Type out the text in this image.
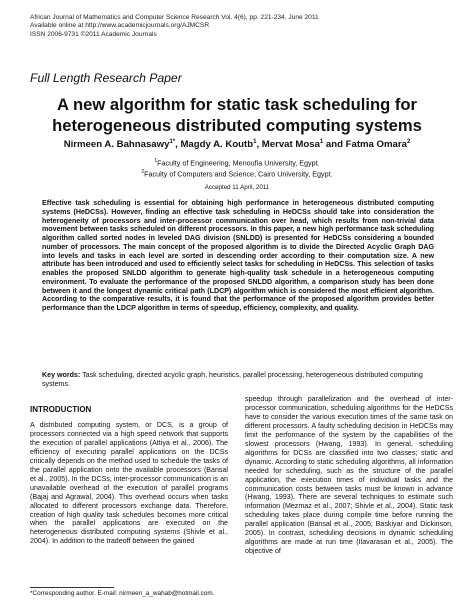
African Journal of Mathematics and Computer Science Research Vol. 4(6), pp. 221-234, June 2011
Available online at http://www.academicjournals.org/AJMCSR
ISSN 2006-9731 ©2011 Academic Journals
Full Length Research Paper
A new algorithm for static task scheduling for
heterogeneous distributed computing systems
Nirmeen A. Bahnasawy$^{1*}$, Magdy A. Koutb$^1$, Mervat Mosa$^1$ and Fatma Omara$^2$
$^1$Faculty of Engineering, Menoufia University, Egypt.
$^2$Faculty of Computers and Science, Cairo University, Egypt.
Accepted 11 April, 2011
Effective task scheduling is essential for obtaining high performance in heterogeneous distributed computing systems (HeDCSs). However, finding an effective task scheduling in HeDCSs should take into consideration the heterogeneity of processors and inter-processor communication over head, which results from non-trivial data movement between tasks scheduled on different processors. In this paper, a new high performance task scheduling algorithm called sorted nodes in leveled DAG division (SNLDD) is presented for HeDCSs considering a bounded number of processors. The main concept of the proposed algorithm is to divide the Directed Acyclic Graph DAG into levels and tasks in each level are sorted in descending order according to their computation size. A new attribute has been introduced and used to efficiently select tasks for scheduling in HeDCSs. This selection of tasks enables the proposed SNLDD algorithm to generate high-quality task schedule in a heterogeneous computing environment. To evaluate the performance of the proposed SNLDD algorithm, a comparison study has been done between it and the longest dynamic critical path (LDCP) algorithm which is considered the most efficient algorithm. According to the comparative results, it is found that the performance of the proposed algorithm provides better performance than the LDCP algorithm in terms of speedup, efficiency, complexity, and quality.
Key words: Task scheduling, directed acyclic graph, heuristics, parallel processing, heterogeneous distributed computing systems.
INTRODUCTION
A distributed computing system, or DCS, is a group of processors connected via a high speed network that supports the execution of parallel applications (Attiya et al., 2006). The efficiency of executing parallel applications on the DCSs critically depends on the method used to schedule the tasks of the parallel application onto the available processors (Bansal et al., 2005). In the DCSs, inter-processor communication is an unavailable overhead of the execution of parallel programs (Bajaj and Agrawal, 2004). This overhead occurs when tasks allocated to different processors exchange data. Therefore, creation of high quality task schedules becomes more critical when the parallel applications are executed on the heterogeneous distributed computing systems (Shivle et al., 2004). In addition to the tradeoff between the gained
speedup through parallelization and the overhead of inter-processor communication, scheduling algorithms for the HeDCSs have to consider the various execution times of the same task on different processors. A faulty scheduling decision in HeDCSs may limit the performance of the system by the capabilities of the slowest processors (Hwang, 1993). In general, scheduling algorithms for DCSs are classified into two classes; static and dynamic. According to static scheduling algorithms, all information needed for scheduling, such as the structure of the parallel application, the execution times of individual tasks and the communication costs between tasks must be known in advance (Hwang, 1993). There are several techniques to estimate such information (Mezmaz et al., 2007; Shivle et al., 2004). Static task scheduling takes place during compile time before running the parallel application (Bansal et al., 2005; Baskiyar and Dickinson, 2005). In contrast, scheduling decisions in dynamic scheduling algorithms are made at run time (Ilavarasan et al., 2005). The objective of
*Corresponding author. E-mail: nirmeen_a_wahab@hotmail.com.
